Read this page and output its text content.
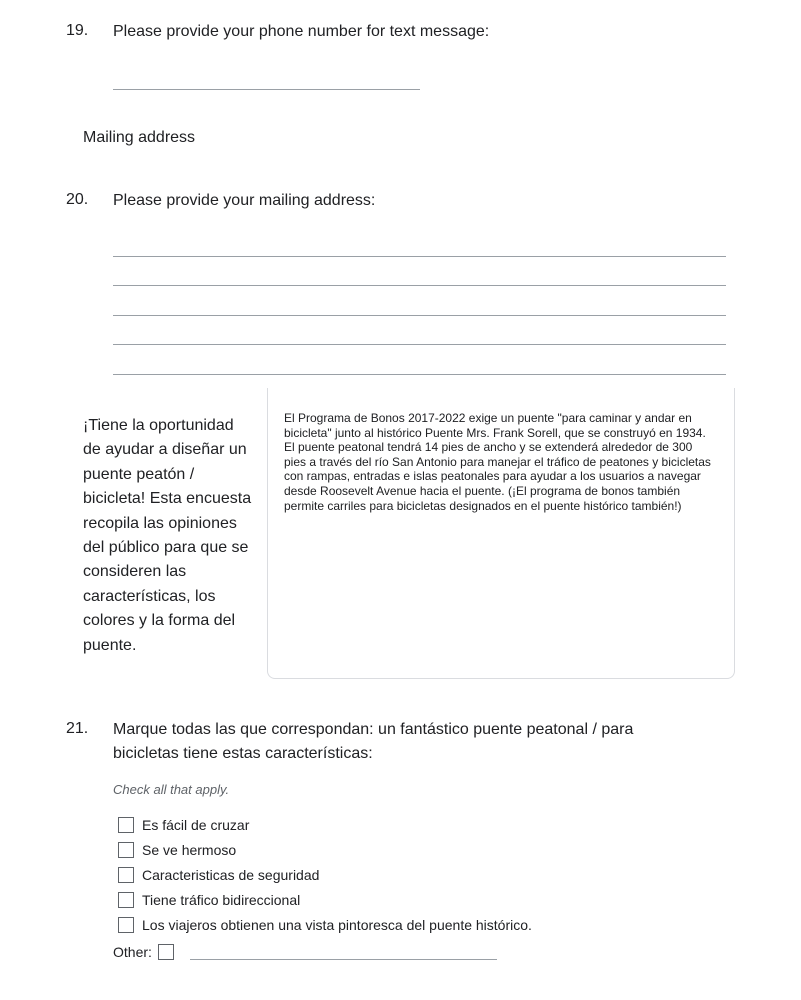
19. Please provide your phone number for text message:
Mailing address
20. Please provide your mailing address:
¡Tiene la oportunidad de ayudar a diseñar un puente peatón / bicicleta! Esta encuesta recopila las opiniones del público para que se consideren las características, los colores y la forma del puente.
El Programa de Bonos 2017-2022 exige un puente "para caminar y andar en bicicleta" junto al histórico Puente Mrs. Frank Sorell, que se construyó en 1934. El puente peatonal tendrá 14 pies de ancho y se extenderá alrededor de 300 pies a través del río San Antonio para manejar el tráfico de peatones y bicicletas con rampas, entradas e islas peatonales para ayudar a los usuarios a navegar desde Roosevelt Avenue hacia el puente. (¡El programa de bonos también permite carriles para bicicletas designados en el puente histórico también!)
21. Marque todas las que correspondan: un fantástico puente peatonal / para bicicletas tiene estas características:
Check all that apply.
Es fácil de cruzar
Se ve hermoso
Caracteristicas de seguridad
Tiene tráfico bidireccional
Los viajeros obtienen una vista pintoresca del puente histórico.
Other:
